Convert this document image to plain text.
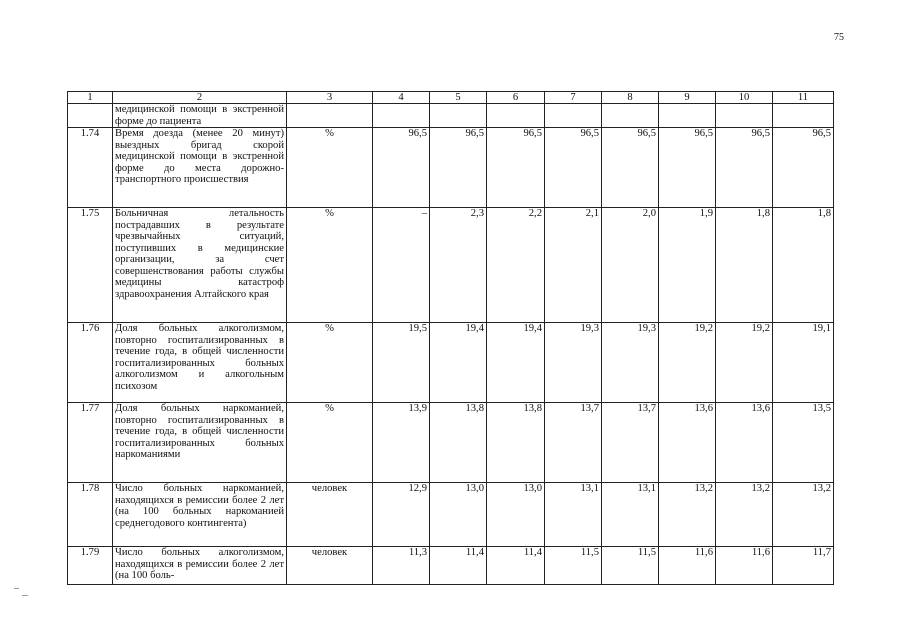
75
1	2	3	4	5	6	7	8	9	10	11
	медицинской помощи в экстренной форме до пациента									
1.74	Время доезда (менее 20 минут) выездных бригад скорой медицинской помощи в экстренной форме до места дорожно-транспортного происшествия	%	96,5	96,5	96,5	96,5	96,5	96,5	96,5	96,5
1.75	Больничная летальность пострадавших в результате чрезвычайных ситуаций, поступивших в медицинские организации, за счет совершенствования работы службы медицины катастроф здравоохранения Алтайского края	%	–	2,3	2,2	2,1	2,0	1,9	1,8	1,8
1.76	Доля больных алкоголизмом, повторно госпитализированных в течение года, в общей численности госпитализированных больных алкоголизмом и алкогольным психозом	%	19,5	19,4	19,4	19,3	19,3	19,2	19,2	19,1
1.77	Доля больных наркоманией, повторно госпитализированных в течение года, в общей численности госпитализированных больных наркоманиями	%	13,9	13,8	13,8	13,7	13,7	13,6	13,6	13,5
1.78	Число больных наркоманией, находящихся в ремиссии более 2 лет (на 100 больных наркоманией среднегодового контингента)	человек	12,9	13,0	13,0	13,1	13,1	13,2	13,2	13,2
1.79	Число больных алкоголизмом, находящихся в ремиссии более 2 лет (на 100 боль-	человек	11,3	11,4	11,4	11,5	11,5	11,6	11,6	11,7
